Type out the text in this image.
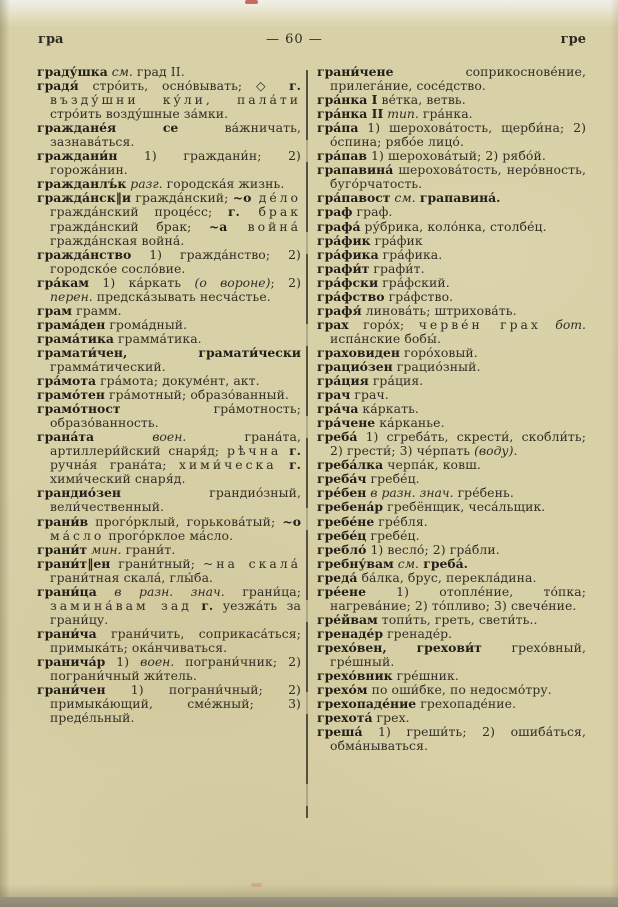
гра	— 60 —	гре

граду́шка см. град II.

градя́ стро́ить, осно́вывать; ◇ г. възду́шни ку́ли, пала́ти стро́ить возду́шные за́мки.

граждане́я се ва́жничать, зазнава́ться.

граждани́н 1) граждани́н; 2) горожа́нин.

гражданлъ́к разг. городска́я жизнь.

гражда́нск‖и гражда́нский; ~о де́ло гражда́нский проце́сс; г. брак гражда́нский брак; ~а война́ гражда́нская война́.

гражда́нство 1) гражда́нство; 2) городско́е сосло́вие.

гра́кам 1) ка́ркать (о вороне); 2) перен. предска́зывать несча́стье.

грам грамм.

грама́ден грома́дный.

грама́тика грамма́тика.

грамати́чен, грамати́чески грамма́тический.

гра́мота гра́мота; докуме́нт, акт.

грамо́тен гра́мотный; образо́ванный.

грамо́тност гра́мотность; образо́ванность.

грана́та воен. грана́та, артиллери́йский снаря́д; рѣчна г. ручна́я грана́та; хими́ческа г. хими́ческий снаря́д.

грандио́зен грандио́зный, вели́чественный.

грани́в прого́рклый, горькова́тый; ~о ма́сло прого́рклое ма́сло.

грани́т мин. грани́т.

грани́т‖ен грани́тный; ~на скала́ грани́тная скала́, глы́ба.

грани́ца в разн. знач. грани́ца; замина́вам зад г. уезжа́ть за грани́цу.

грани́ча грани́чить, соприкаса́ться; примыка́ть; ока́нчиваться.

гранича́р 1) воен. пограни́чник; 2) пограни́чный жи́тель.

грани́чен 1) пограни́чный; 2) примыка́ющий, сме́жный; 3) преде́льный.

грани́чене соприкоснове́ние, прилега́ние, сосе́дство.

гра́нка I ве́тка, ветвь.

гра́нка II тип. гра́нка.

гра́па 1) шерохова́тость, щерби́на; 2) о́спина; рябо́е лицо́.

гра́пав 1) шерохова́тый; 2) рябо́й.

грапавина́ шерохова́тость, неро́вность, буго́рчатость.

гра́павост см. грапавина́.

граф граф.

графа́ ру́брика, коло́нка, столбе́ц.

гра́фик гра́фик

гра́фика гра́фика.

графи́т графи́т.

гра́фски гра́фский.

гра́фство гра́фство.

графя́ линова́ть; штрихова́ть.

грах горо́х; черве́н грах бот. испа́нские бобы́.

граховиден горо́ховый.

грацио́зен грацио́зный.

гра́ция гра́ция.

грач грач.

гра́ча ка́ркать.

гра́чене ка́рканье.

греба́ 1) сгреба́ть, скрести́, скобли́ть; 2) грести́; 3) че́рпать (воду).

греба́лка черпа́к, ковш.

греба́ч гребе́ц.

гре́бен в разн. знач. гре́бень.

гребена́р гребёнщик, чеса́льщик.

гребе́не гре́бля.

гребе́ц гребе́ц.

гребло́ 1) весло́; 2) гра́бли.

гребну́вам см. греба́.

греда́ ба́лка, брус, перекла́дина.

гре́ене 1) отопле́ние, то́пка; нагрева́ние; 2) то́пливо; 3) свече́ние.

гре́йвам топи́ть, греть, свети́ть..

гренаде́р гренаде́р.

грехо́вен, грехови́т грехо́вный, гре́шный.

грехо́вник гре́шник.

грехо́м по оши́бке, по недосмо́тру.

грехопаде́ние грехопаде́ние.

грехота́ грех.

греша́ 1) греши́ть; 2) ошиба́ться, обма́нываться.
